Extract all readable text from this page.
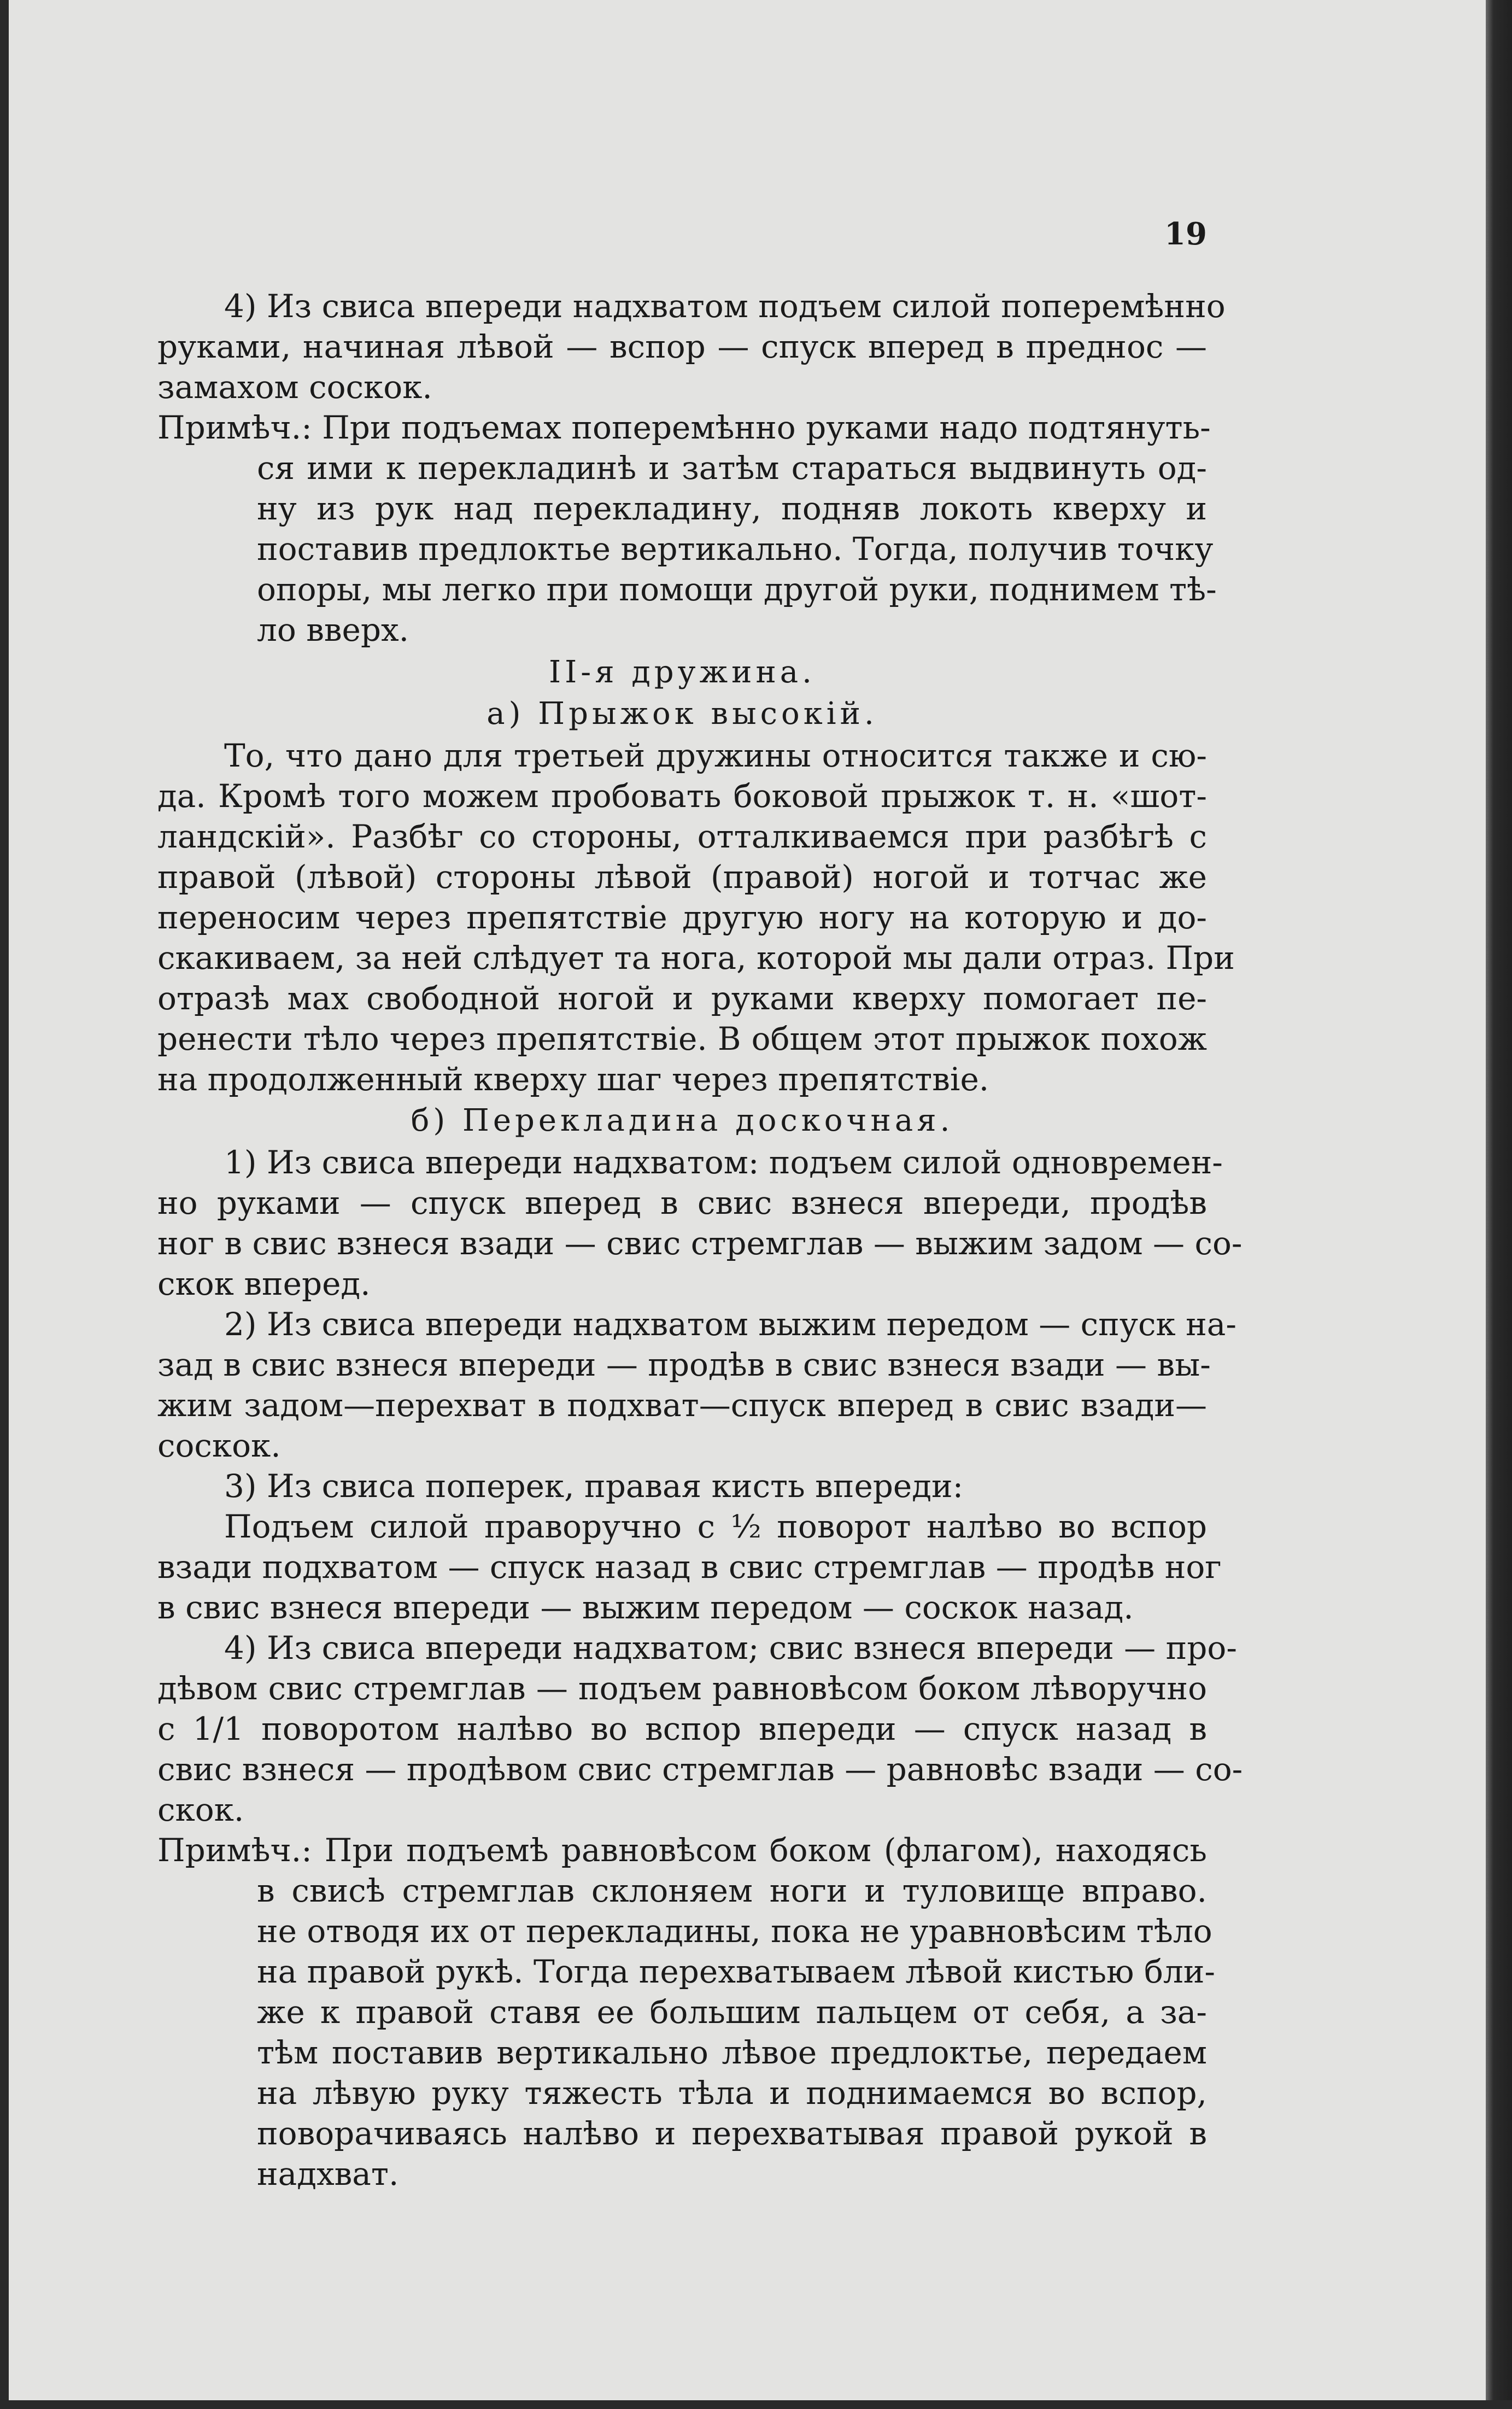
19
4) Из свиса впереди надхватом подъем силой поперемѣнно
руками, начиная лѣвой — вспор — спуск вперед в преднос —
замахом соскок.
Примѣч.: При подъемах поперемѣнно руками надо подтянуть-
ся ими к перекладинѣ и затѣм стараться выдвинуть од-
ну из рук над перекладину, подняв локоть кверху и
поставив предлоктье вертикально. Тогда, получив точку
опоры, мы легко при помощи другой руки, поднимем тѣ-
ло вверх.
II-я дружина.
а) Прыжок высокій.
То, что дано для третьей дружины относится также и сю-
да. Кромѣ того можем пробовать боковой прыжок т. н. «шот-
ландскій». Разбѣг со стороны, отталкиваемся при разбѣгѣ с
правой (лѣвой) стороны лѣвой (правой) ногой и тотчас же
переносим через препятствіе другую ногу на которую и до-
скакиваем, за ней слѣдует та нога, которой мы дали отраз. При
отразѣ мах свободной ногой и руками кверху помогает пе-
ренести тѣло через препятствіе. В общем этот прыжок похож
на продолженный кверху шаг через препятствіе.
б) Перекладина доскочная.
1) Из свиса впереди надхватом: подъем силой одновремен-
но руками — спуск вперед в свис взнеся впереди, продѣв
ног в свис взнеся взади — свис стремглав — выжим задом — со-
скок вперед.
2) Из свиса впереди надхватом выжим передом — спуск на-
зад в свис взнеся впереди — продѣв в свис взнеся взади — вы-
жим задом—перехват в подхват—спуск вперед в свис взади—
соскок.
3) Из свиса поперек, правая кисть впереди:
Подъем силой праворучно с ½ поворот налѣво во вспор
взади подхватом — спуск назад в свис стремглав — продѣв ног
в свис взнеся впереди — выжим передом — соскок назад.
4) Из свиса впереди надхватом; свис взнеся впереди — про-
дѣвом свис стремглав — подъем равновѣсом боком лѣворучно
с 1/1 поворотом налѣво во вспор впереди — спуск назад в
свис взнеся — продѣвом свис стремглав — равновѣс взади — со-
скок.
Примѣч.: При подъемѣ равновѣсом боком (флагом), находясь
в свисѣ стремглав склоняем ноги и туловище вправо.
не отводя их от перекладины, пока не уравновѣсим тѣло
на правой рукѣ. Тогда перехватываем лѣвой кистью бли-
же к правой ставя ее большим пальцем от себя, а за-
тѣм поставив вертикально лѣвое предлоктье, передаем
на лѣвую руку тяжесть тѣла и поднимаемся во вспор,
поворачиваясь налѣво и перехватывая правой рукой в
надхват.
